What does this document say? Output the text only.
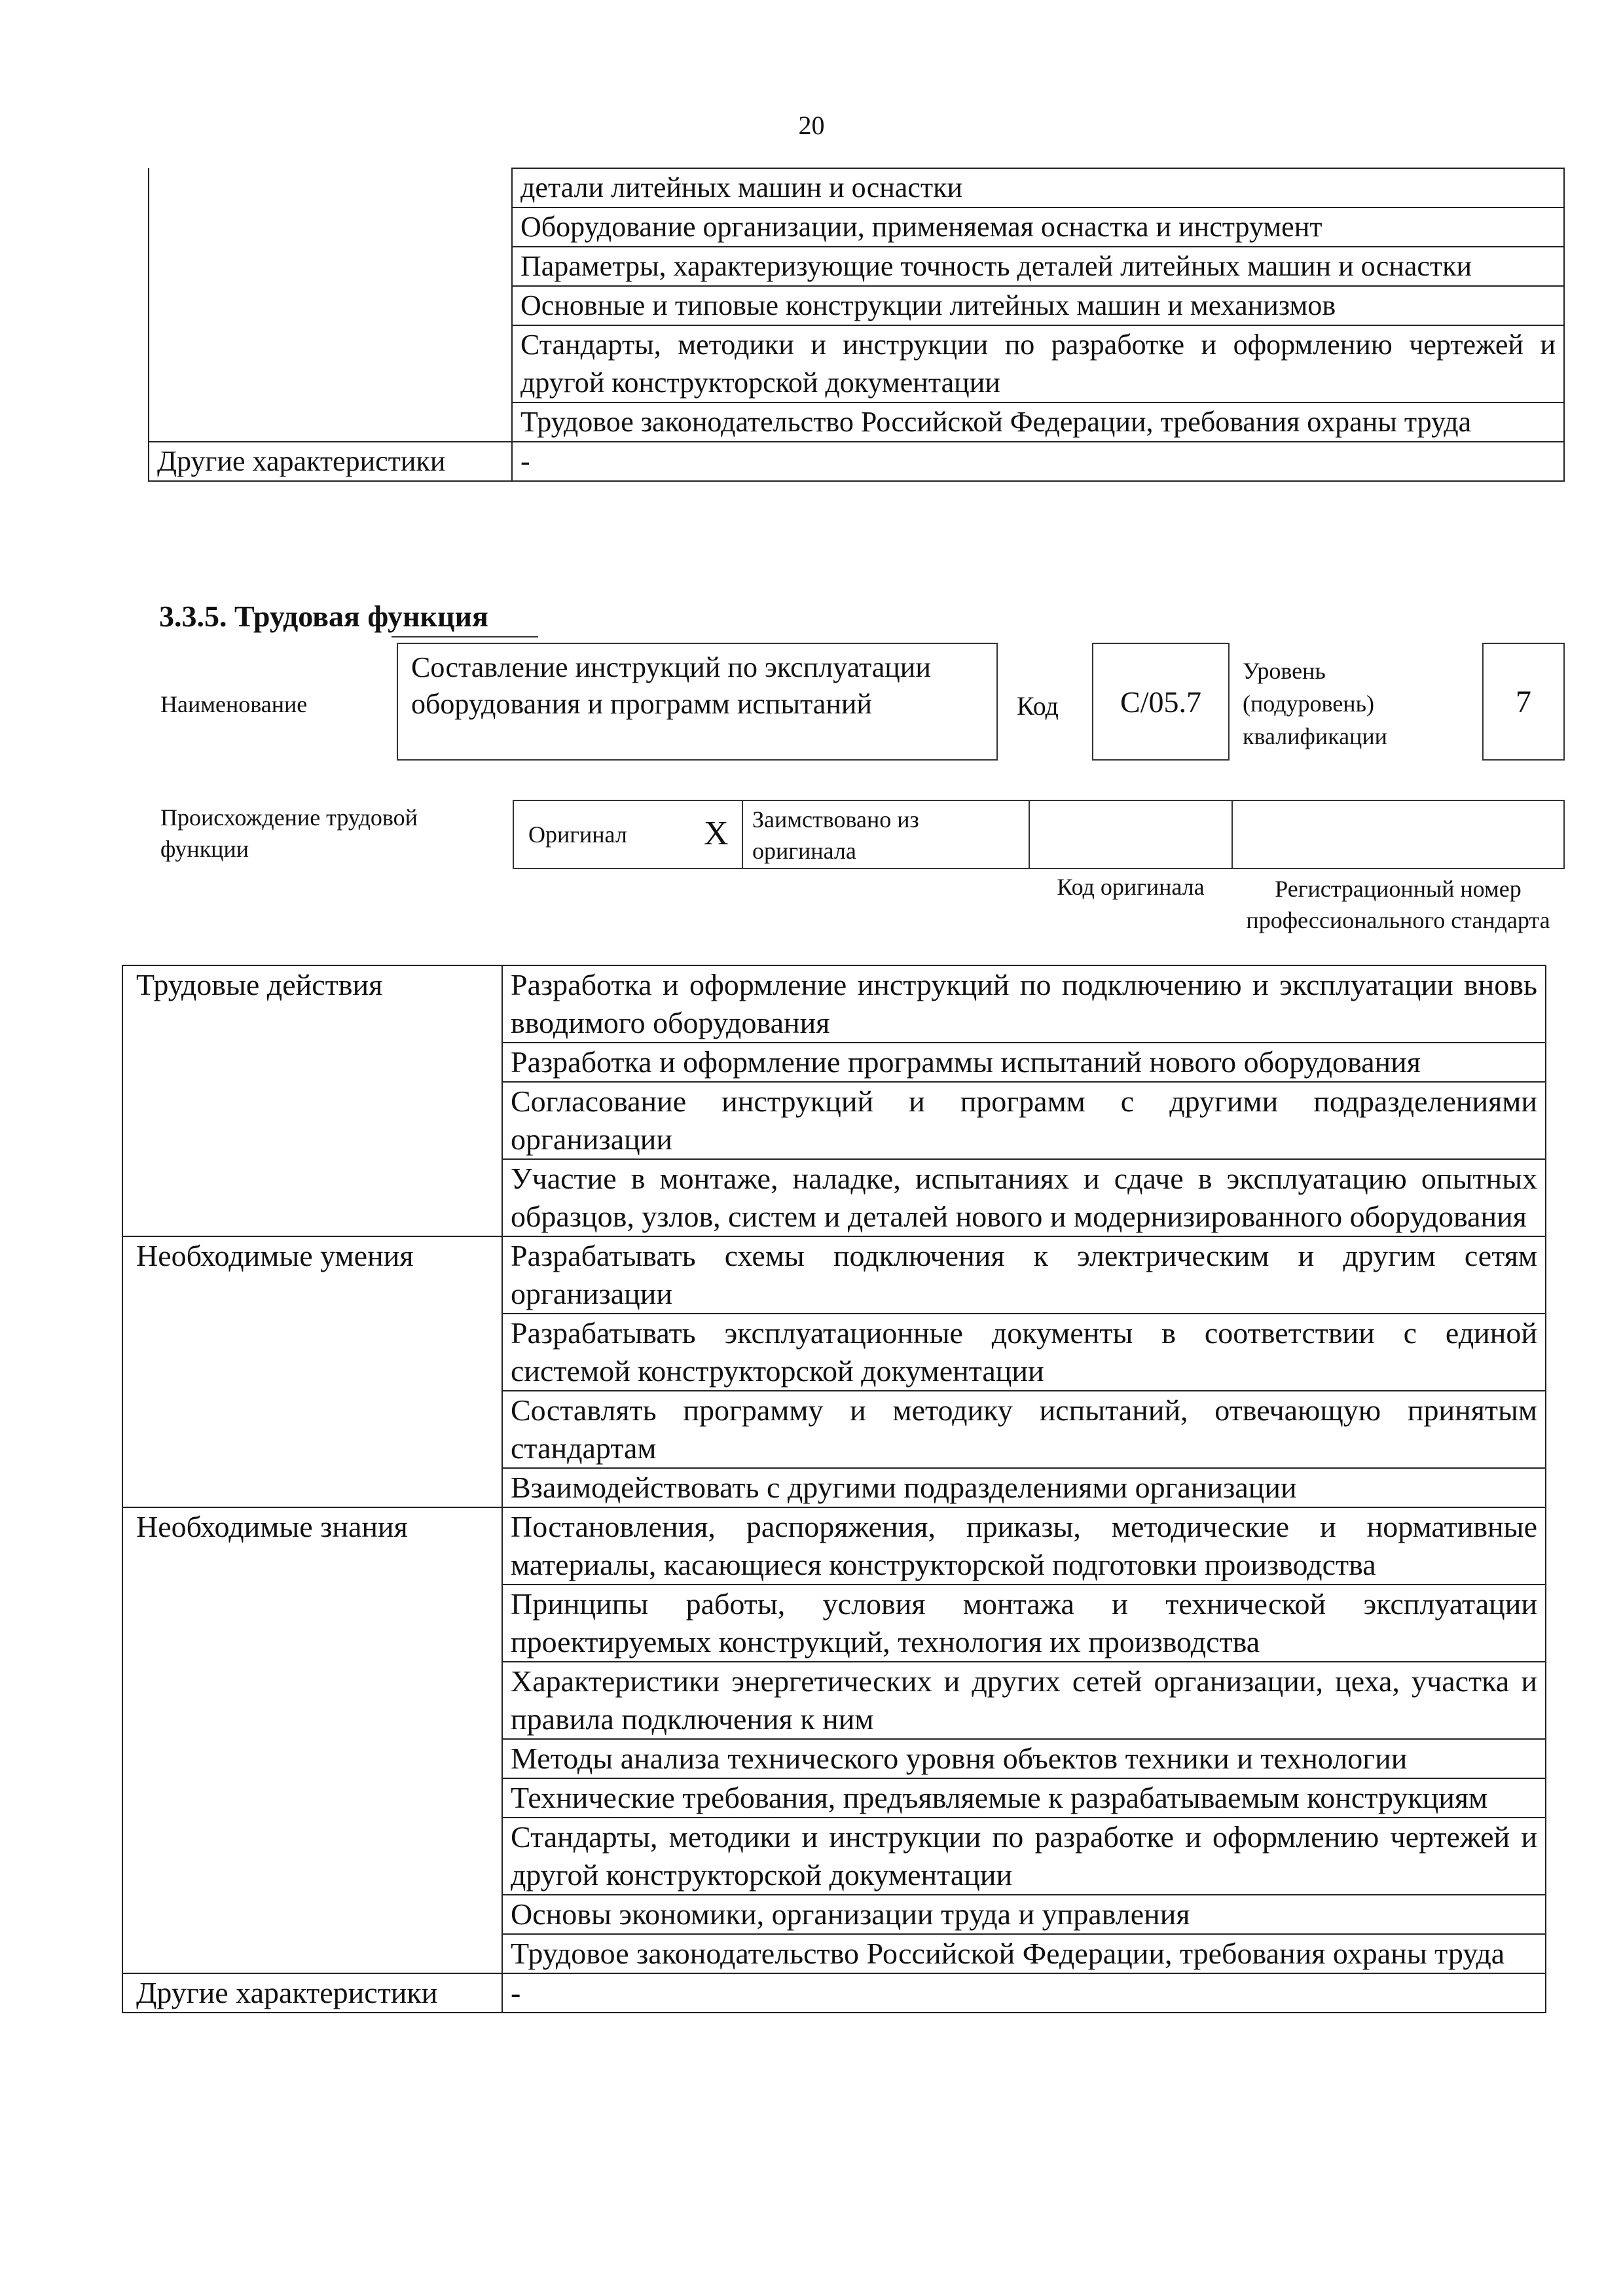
20
	детали литейных машин и оснастки
	Оборудование организации, применяемая оснастка и инструмент
	Параметры, характеризующие точность деталей литейных машин и оснастки
	Основные и типовые конструкции литейных машин и механизмов
	Стандарты, методики и инструкции по разработке и оформлению чертежей и другой конструкторской документации
	Трудовое законодательство Российской Федерации, требования охраны труда
Другие характеристики	-
3.3.5. Трудовая функция
Наименование
Составление инструкций по эксплуатации оборудования и программ испытаний	Код С/05.7
Уровень (подуровень) квалификации
7
Происхождение трудовой функции
Оригинал X Заимствовано из оригинала
Код оригинала	Регистрационный номер профессионального стандарта
Трудовые действия	Разработка и оформление инструкций по подключению и эксплуатации вновь вводимого оборудования
	Разработка и оформление программы испытаний нового оборудования
	Согласование инструкций и программ с другими подразделениями организации
	Участие в монтаже, наладке, испытаниях и сдаче в эксплуатацию опытных образцов, узлов, систем и деталей нового и модернизированного оборудования
Необходимые умения	Разрабатывать схемы подключения к электрическим и другим сетям организации
	Разрабатывать эксплуатационные документы в соответствии с единой системой конструкторской документации
	Составлять программу и методику испытаний, отвечающую принятым стандартам
	Взаимодействовать с другими подразделениями организации
Необходимые знания	Постановления, распоряжения, приказы, методические и нормативные материалы, касающиеся конструкторской подготовки производства
	Принципы работы, условия монтажа и технической эксплуатации проектируемых конструкций, технология их производства
	Характеристики энергетических и других сетей организации, цеха, участка и правила подключения к ним
	Методы анализа технического уровня объектов техники и технологии
	Технические требования, предъявляемые к разрабатываемым конструкциям
	Стандарты, методики и инструкции по разработке и оформлению чертежей и другой конструкторской документации
	Основы экономики, организации труда и управления
	Трудовое законодательство Российской Федерации, требования охраны труда
Другие характеристики	-
